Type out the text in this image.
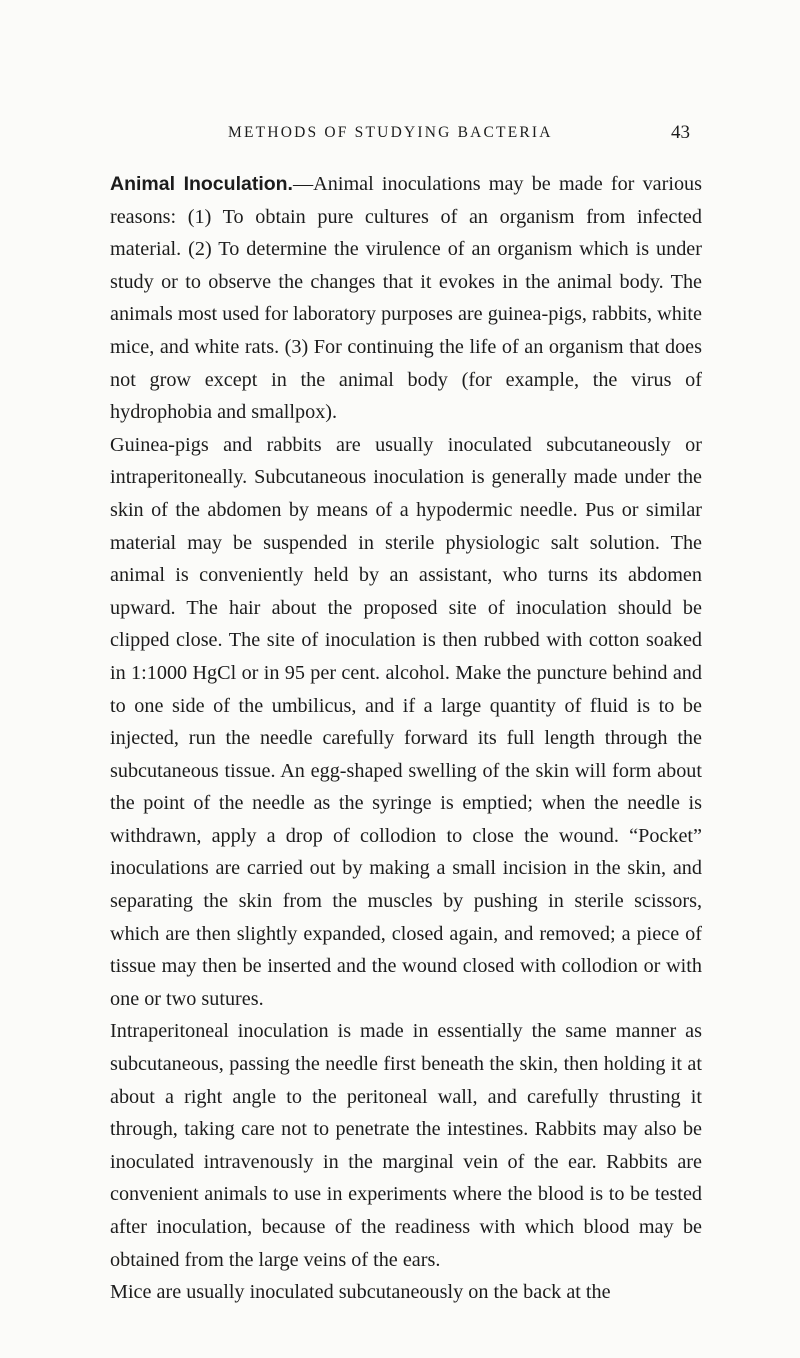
METHODS OF STUDYING BACTERIA	43

Animal Inoculation.—Animal inoculations may be made for various reasons: (1) To obtain pure cultures of an organism from infected material. (2) To determine the virulence of an organism which is under study or to observe the changes that it evokes in the animal body. The animals most used for laboratory purposes are guinea-pigs, rabbits, white mice, and white rats. (3) For continuing the life of an organism that does not grow except in the animal body (for example, the virus of hydrophobia and smallpox).

Guinea-pigs and rabbits are usually inoculated subcutaneously or intraperitoneally. Subcutaneous inoculation is generally made under the skin of the abdomen by means of a hypodermic needle. Pus or similar material may be suspended in sterile physiologic salt solution. The animal is conveniently held by an assistant, who turns its abdomen upward. The hair about the proposed site of inoculation should be clipped close. The site of inoculation is then rubbed with cotton soaked in 1:1000 HgCl or in 95 per cent. alcohol. Make the puncture behind and to one side of the umbilicus, and if a large quantity of fluid is to be injected, run the needle carefully forward its full length through the subcutaneous tissue. An egg-shaped swelling of the skin will form about the point of the needle as the syringe is emptied; when the needle is withdrawn, apply a drop of collodion to close the wound. “Pocket” inoculations are carried out by making a small incision in the skin, and separating the skin from the muscles by pushing in sterile scissors, which are then slightly expanded, closed again, and removed; a piece of tissue may then be inserted and the wound closed with collodion or with one or two sutures.

Intraperitoneal inoculation is made in essentially the same manner as subcutaneous, passing the needle first beneath the skin, then holding it at about a right angle to the peritoneal wall, and carefully thrusting it through, taking care not to penetrate the intestines. Rabbits may also be inoculated intravenously in the marginal vein of the ear. Rabbits are convenient animals to use in experiments where the blood is to be tested after inoculation, because of the readiness with which blood may be obtained from the large veins of the ears.

Mice are usually inoculated subcutaneously on the back at the
